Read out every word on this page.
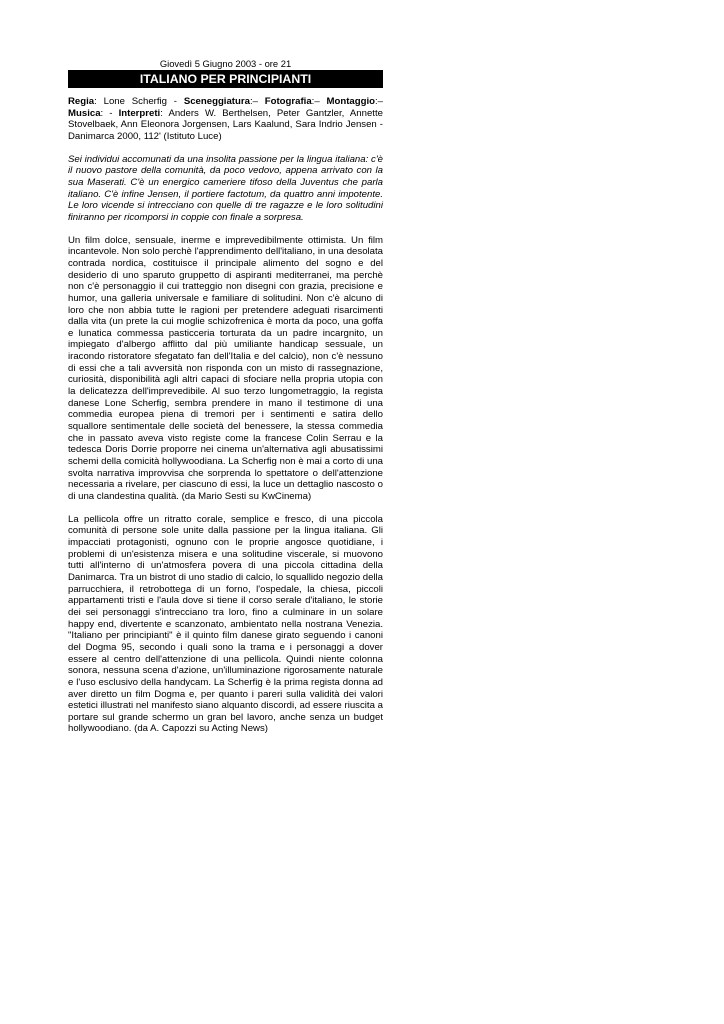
Giovedì 5 Giugno 2003 - ore 21

ITALIANO PER PRINCIPIANTI

Regia: Lone Scherfig - Sceneggiatura:– Fotografia:– Montaggio:– Musica: - Interpreti: Anders W. Berthelsen, Peter Gantzler, Annette Stovelbaek, Ann Eleonora Jorgensen, Lars Kaalund, Sara Indrio Jensen - Danimarca 2000, 112' (Istituto Luce)

Sei individui accomunati da una insolita passione per la lingua italiana: c'è il nuovo pastore della comunità, da poco vedovo, appena arrivato con la sua Maserati. C'è un energico cameriere tifoso della Juventus che parla italiano. C'è infine Jensen, il portiere factotum, da quattro anni impotente. Le loro vicende si intrecciano con quelle di tre ragazze e le loro solitudini finiranno per ricomporsi in coppie con finale a sorpresa.

Un film dolce, sensuale, inerme e imprevedibilmente ottimista. Un film incantevole. Non solo perchè l'apprendimento dell'italiano, in una desolata contrada nordica, costituisce il principale alimento del sogno e del desiderio di uno sparuto gruppetto di aspiranti mediterranei, ma perchè non c'è personaggio il cui tratteggio non disegni con grazia, precisione e humor, una galleria universale e familiare di solitudini. Non c'è alcuno di loro che non abbia tutte le ragioni per pretendere adeguati risarcimenti dalla vita (un prete la cui moglie schizofrenica è morta da poco, una goffa e lunatica commessa pasticceria torturata da un padre incargnito, un impiegato d'albergo afflitto dal più umiliante handicap sessuale, un iracondo ristoratore sfegatato fan dell'Italia e del calcio), non c'è nessuno di essi che a tali avversità non risponda con un misto di rassegnazione, curiosità, disponibilità agli altri capaci di sfociare nella propria utopia con la delicatezza dell'imprevedibile. Al suo terzo lungometraggio, la regista danese Lone Scherfig, sembra prendere in mano il testimone di una commedia europea piena di tremori per i sentimenti e satira dello squallore sentimentale delle società del benessere, la stessa commedia che in passato aveva visto registe come la francese Colin Serrau e la tedesca Doris Dorrie proporre nei cinema un'alternativa agli abusatissimi schemi della comicità hollywoodiana. La Scherfig non è mai a corto di una svolta narrativa improvvisa che sorprenda lo spettatore o dell'attenzione necessaria a rivelare, per ciascuno di essi, la luce un dettaglio nascosto o di una clandestina qualità. (da Mario Sesti su KwCinema)

La pellicola offre un ritratto corale, semplice e fresco, di una piccola comunità di persone sole unite dalla passione per la lingua italiana. Gli impacciati protagonisti, ognuno con le proprie angosce quotidiane, i problemi di un'esistenza misera e una solitudine viscerale, si muovono tutti all'interno di un'atmosfera povera di una piccola cittadina della Danimarca. Tra un bistrot di uno stadio di calcio, lo squallido negozio della parrucchiera, il retrobottega di un forno, l'ospedale, la chiesa, piccoli appartamenti tristi e l'aula dove si tiene il corso serale d'italiano, le storie dei sei personaggi s'intrecciano tra loro, fino a culminare in un solare happy end, divertente e scanzonato, ambientato nella nostrana Venezia. "Italiano per principianti" è il quinto film danese girato seguendo i canoni del Dogma 95, secondo i quali sono la trama e i personaggi a dover essere al centro dell'attenzione di una pellicola. Quindi niente colonna sonora, nessuna scena d'azione, un'illuminazione rigorosamente naturale e l'uso esclusivo della handycam. La Scherfig è la prima regista donna ad aver diretto un film Dogma e, per quanto i pareri sulla validità dei valori estetici illustrati nel manifesto siano alquanto discordi, ad essere riuscita a portare sul grande schermo un gran bel lavoro, anche senza un budget hollywoodiano. (da A. Capozzi su Acting News)
